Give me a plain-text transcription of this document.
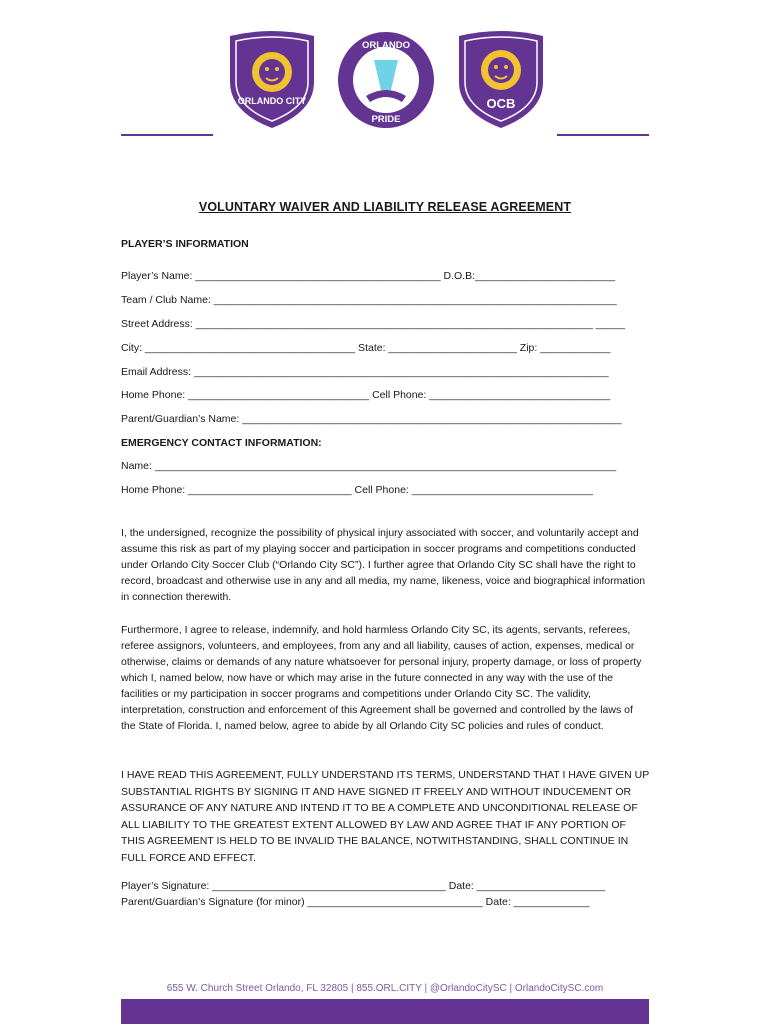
ORLANDO CITY
ORLANDO
PRIDE
OCB
VOLUNTARY WAIVER AND LIABILITY RELEASE AGREEMENT
PLAYER’S INFORMATION
Player’s Name: __________________________________________ D.O.B:________________________
Team / Club Name: _____________________________________________________________________
Street Address: ____________________________________________________________________ _____
City: ____________________________________ State: ______________________ Zip: ____________
Email Address: _______________________________________________________________________
Home Phone: _______________________________ Cell Phone: _______________________________
Parent/Guardian’s Name: _________________________________________________________________
EMERGENCY CONTACT INFORMATION:
Name: _______________________________________________________________________________
Home Phone: ____________________________ Cell Phone: _______________________________
I, the undersigned, recognize the possibility of physical injury associated with soccer, and voluntarily accept and assume this risk as part of my playing soccer and participation in soccer programs and competitions conducted under Orlando City Soccer Club (“Orlando City SC”). I further agree that Orlando City SC shall have the right to record, broadcast and otherwise use in any and all media, my name, likeness, voice and biographical information in connection therewith.
Furthermore, I agree to release, indemnify, and hold harmless Orlando City SC, its agents, servants, referees, referee assignors, volunteers, and employees, from any and all liability, causes of action, expenses, medical or otherwise, claims or demands of any nature whatsoever for personal injury, property damage, or loss of property which I, named below, now have or which may arise in the future connected in any way with the use of the facilities or my participation in soccer programs and competitions under Orlando City SC. The validity, interpretation, construction and enforcement of this Agreement shall be governed and controlled by the laws of the State of Florida. I, named below, agree to abide by all Orlando City SC policies and rules of conduct.
I HAVE READ THIS AGREEMENT, FULLY UNDERSTAND ITS TERMS, UNDERSTAND THAT I HAVE GIVEN UP SUBSTANTIAL RIGHTS BY SIGNING IT AND HAVE SIGNED IT FREELY AND WITHOUT INDUCEMENT OR ASSURANCE OF ANY NATURE AND INTEND IT TO BE A COMPLETE AND UNCONDITIONAL RELEASE OF ALL LIABILITY TO THE GREATEST EXTENT ALLOWED BY LAW AND AGREE THAT IF ANY PORTION OF THIS AGREEMENT IS HELD TO BE INVALID THE BALANCE, NOTWITHSTANDING, SHALL CONTINUE IN FULL FORCE AND EFFECT.
Player’s Signature: ________________________________________ Date: ______________________
Parent/Guardian’s Signature (for minor) ______________________________ Date: _____________
655 W. Church Street Orlando, FL 32805 | 855.ORL.CITY | @OrlandoCitySC | OrlandoCitySC.com
